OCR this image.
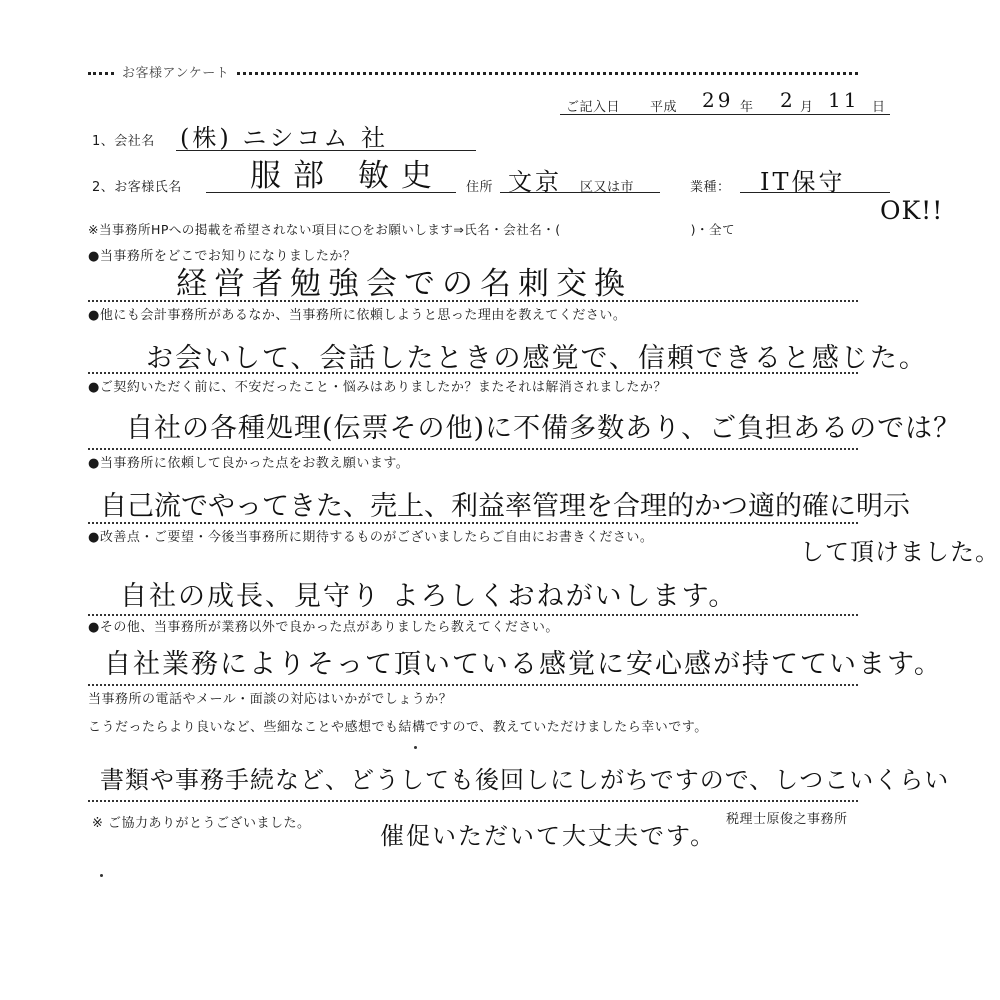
お客様アンケート
ご記入日 平成 29 年 2 月 11 日
1、会社名 (株) ニシコム 社
2、お客様氏名 服部 敏史 住所 文京 区又は市	業種： IT保守
※当事務所HPへの掲載を希望されない項目に○をお願いします⇒氏名・会社名・(　　　　　　　　　　)・全て
OK!!
●当事務所をどこでお知りになりましたか？
経営者勉強会での名刺交換
●他にも会計事務所があるなか、当事務所に依頼しようと思った理由を教えてください。
お会いして、会話したときの感覚で、信頼できると感じた。
●ご契約いただく前に、不安だったこと・悩みはありましたか？またそれは解消されましたか？
自社の各種処理(伝票その他)に不備多数あり、ご負担あるのでは？
●当事務所に依頼して良かった点をお教え願います。
自己流でやってきた、売上、利益率管理を合理的かつ適的確に明示
●改善点・ご要望・今後当事務所に期待するものがございましたらご自由にお書きください。
して頂けました。
自社の成長、見守り よろしくおねがいします。
●その他、当事務所が業務以外で良かった点がありましたら教えてください。
自社業務によりそって頂いている感覚に安心感が持てています。
当事務所の電話やメール・面談の対応はいかがでしょうか？
こうだったらより良いなど、些細なことや感想でも結構ですので、教えていただけましたら幸いです。
書類や事務手続など、どうしても後回しにしがちですので、しつこいくらい
※ ご協力ありがとうございました。	催促いただいて大丈夫です。
税理士原俊之事務所
